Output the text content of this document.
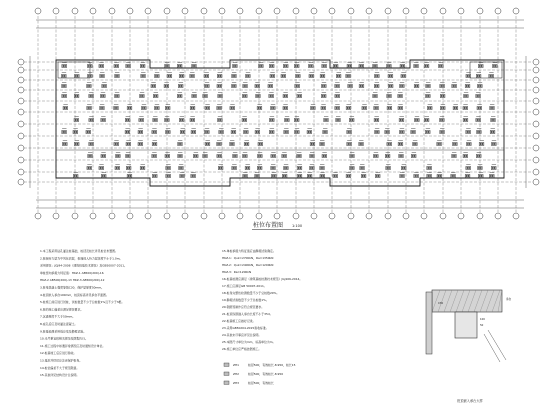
桩位布置图	1:100
1.本工程采用钻孔灌注桩基础，桩径及桩长详见桩位布置图。
2.桩端持力层为中风化岩层，桩端进入持力层深度不小于1.0m。
采用规范：JGJ94-2008《建筑桩基技术规范》及GB50007-2011。
单桩竖向承载力特征值：HKZ-1 AB500(200)-16
HKZ-2 AB500(200)-13 HKZ-3 AB500(200)-12
3.桩身混凝土强度等级C30，保护层厚度50mm。
4.桩顶嵌入承台100mm，桩顶标高详见承台平面图。
5.桩施工前应进行试桩，试桩数量不少于总桩数1%且不少于3根。
6.桩的施工偏差应满足规范要求。
7.沉渣厚度不大于50mm。
8.成孔后应及时灌注混凝土。
9.桩基检测采用低应变及静载试验。
10.未尽事宜按相关规范及图集执行。
11.施工过程中如遇异常情况应及时通知设计单位。
12.桩基竣工后应进行验收。
13.基坑开挖时应注意保护桩身。
14.桩位偏差不大于规范限值。
15.其他详见结构设计总说明。
15.单桩承载力特征值应由静载试验确定。
HKZ-1：Quk=2700kN，Ra=1350kN
HKZ-2：Quk=2400kN，Ra=1200kN
HKZ-3：Ra=1200kN
16.桩基检测应满足《建筑基桩检测技术规范》JGJ106-2014。
17.施工应满足GB 50007-2011。
18.桩身完整性检测数量不少于总桩数20%。
19.静载试验数量不少于总桩数1%。
20.钢筋笼制作应符合规范要求。
21.桩顶纵筋锚入承台长度不小于35d。
22.桩基施工应做好记录。
23.采用GB50204-2015验收标准。
24.其他未尽事宜详见总说明。
25.本图尺寸单位为mm，标高单位为m。
26.施工单位应严格按图施工。
ZH1	桩径500，有效桩长-8.950，桩长15
ZH2	桩径500，有效桩长-8.950
ZH3	桩径500，有效桩长
C30
100
50
承台
桩顶嵌入承台大样
